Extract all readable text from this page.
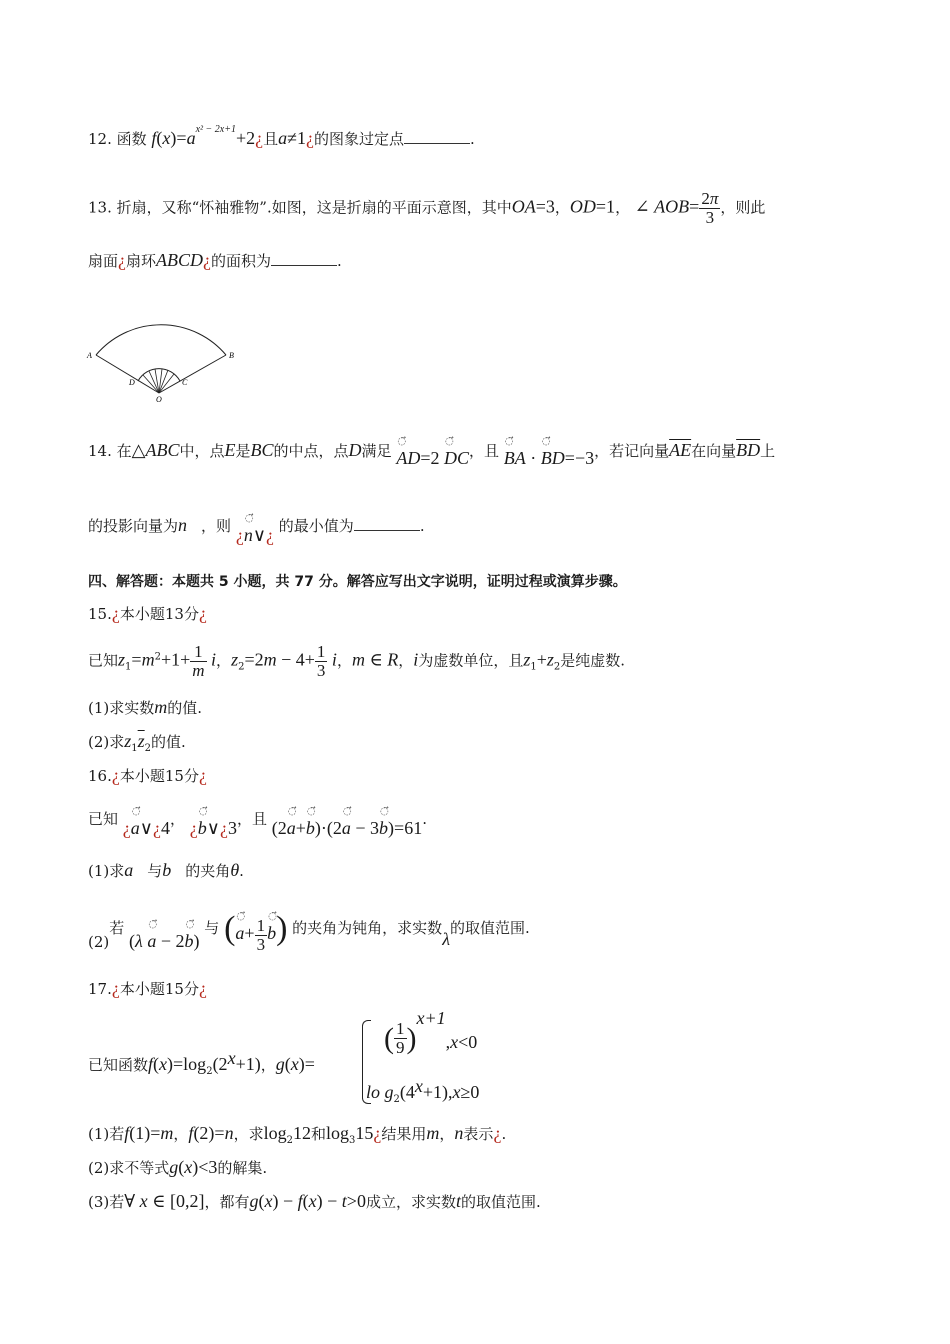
12. 函数 $f(x)=a^{x^2 - 2x+1}+2¿$且a≠1¿的图象过定点	.
13. 折扇，又称“怀袖雅物”.如图，这是折扇的平面示意图，其中OA=3，OD=1， ∠ $AOB= \frac{2\pi}{3}$ ，则此
扇面¿扇环ABCD¿的面积为	.
A	B
D	C
O
14. 在△ABC中，点E是BC的中点，点D满足
◌⃗
AD=2
◌⃗
DC，且
◌⃗
BA ·
◌⃗
BD=−3，若记向量$\overline{AE}$在向量$\overline{BD}$上
的投影向量为n⃗，则 ¿
◌⃗
n∨¿ 的最小值为	.
四、解答题：本题共 5 小题，共 77 分。解答应写出文字说明，证明过程或演算步骤。
15.¿本小题13分¿
已知$z_1=m^2+1+ \frac{1}{m}$ i，$z_2=2m - 4+ \frac{1}{3}$ i，m ∈ R，i为虚数单位，且$z_1+z_2$是纯虚数.
(1)求实数m的值.
(2)求$z_1\overline{z}_2$的值.
16.¿本小题15分¿
已知 ¿
◌⃗
a∨¿4， ¿
◌⃗
b∨¿3，且 (2
◌⃗
a+
◌⃗
b)·(2
◌⃗
a − 3
◌⃗
b)=61.
(1)求a⃗与b⃗的夹角θ.
(2)若 (λ
◌⃗
a − 2
◌⃗
b) 与 ( ◌⃗
$a+ \frac{1}{3}$
◌⃗
b) 的夹角为钝角，求实数λ的取值范围.
17.¿本小题15分¿
已知函数$f(x)=\log_2(2^x+1)$，g(x)=
( $\frac{1}{9} )^{x+1},x<0$
lo $g_2(4^x+1),x\ge 0$
(1)若f(1)=m，f(2)=n，求$\log_212$和$\log_315¿$结果用m，n表示¿.
(2)求不等式g(x)<3的解集.
(3)若∀ x ∈ [0,2]，都有g(x) − f(x) − t>0成立，求实数t的取值范围.
